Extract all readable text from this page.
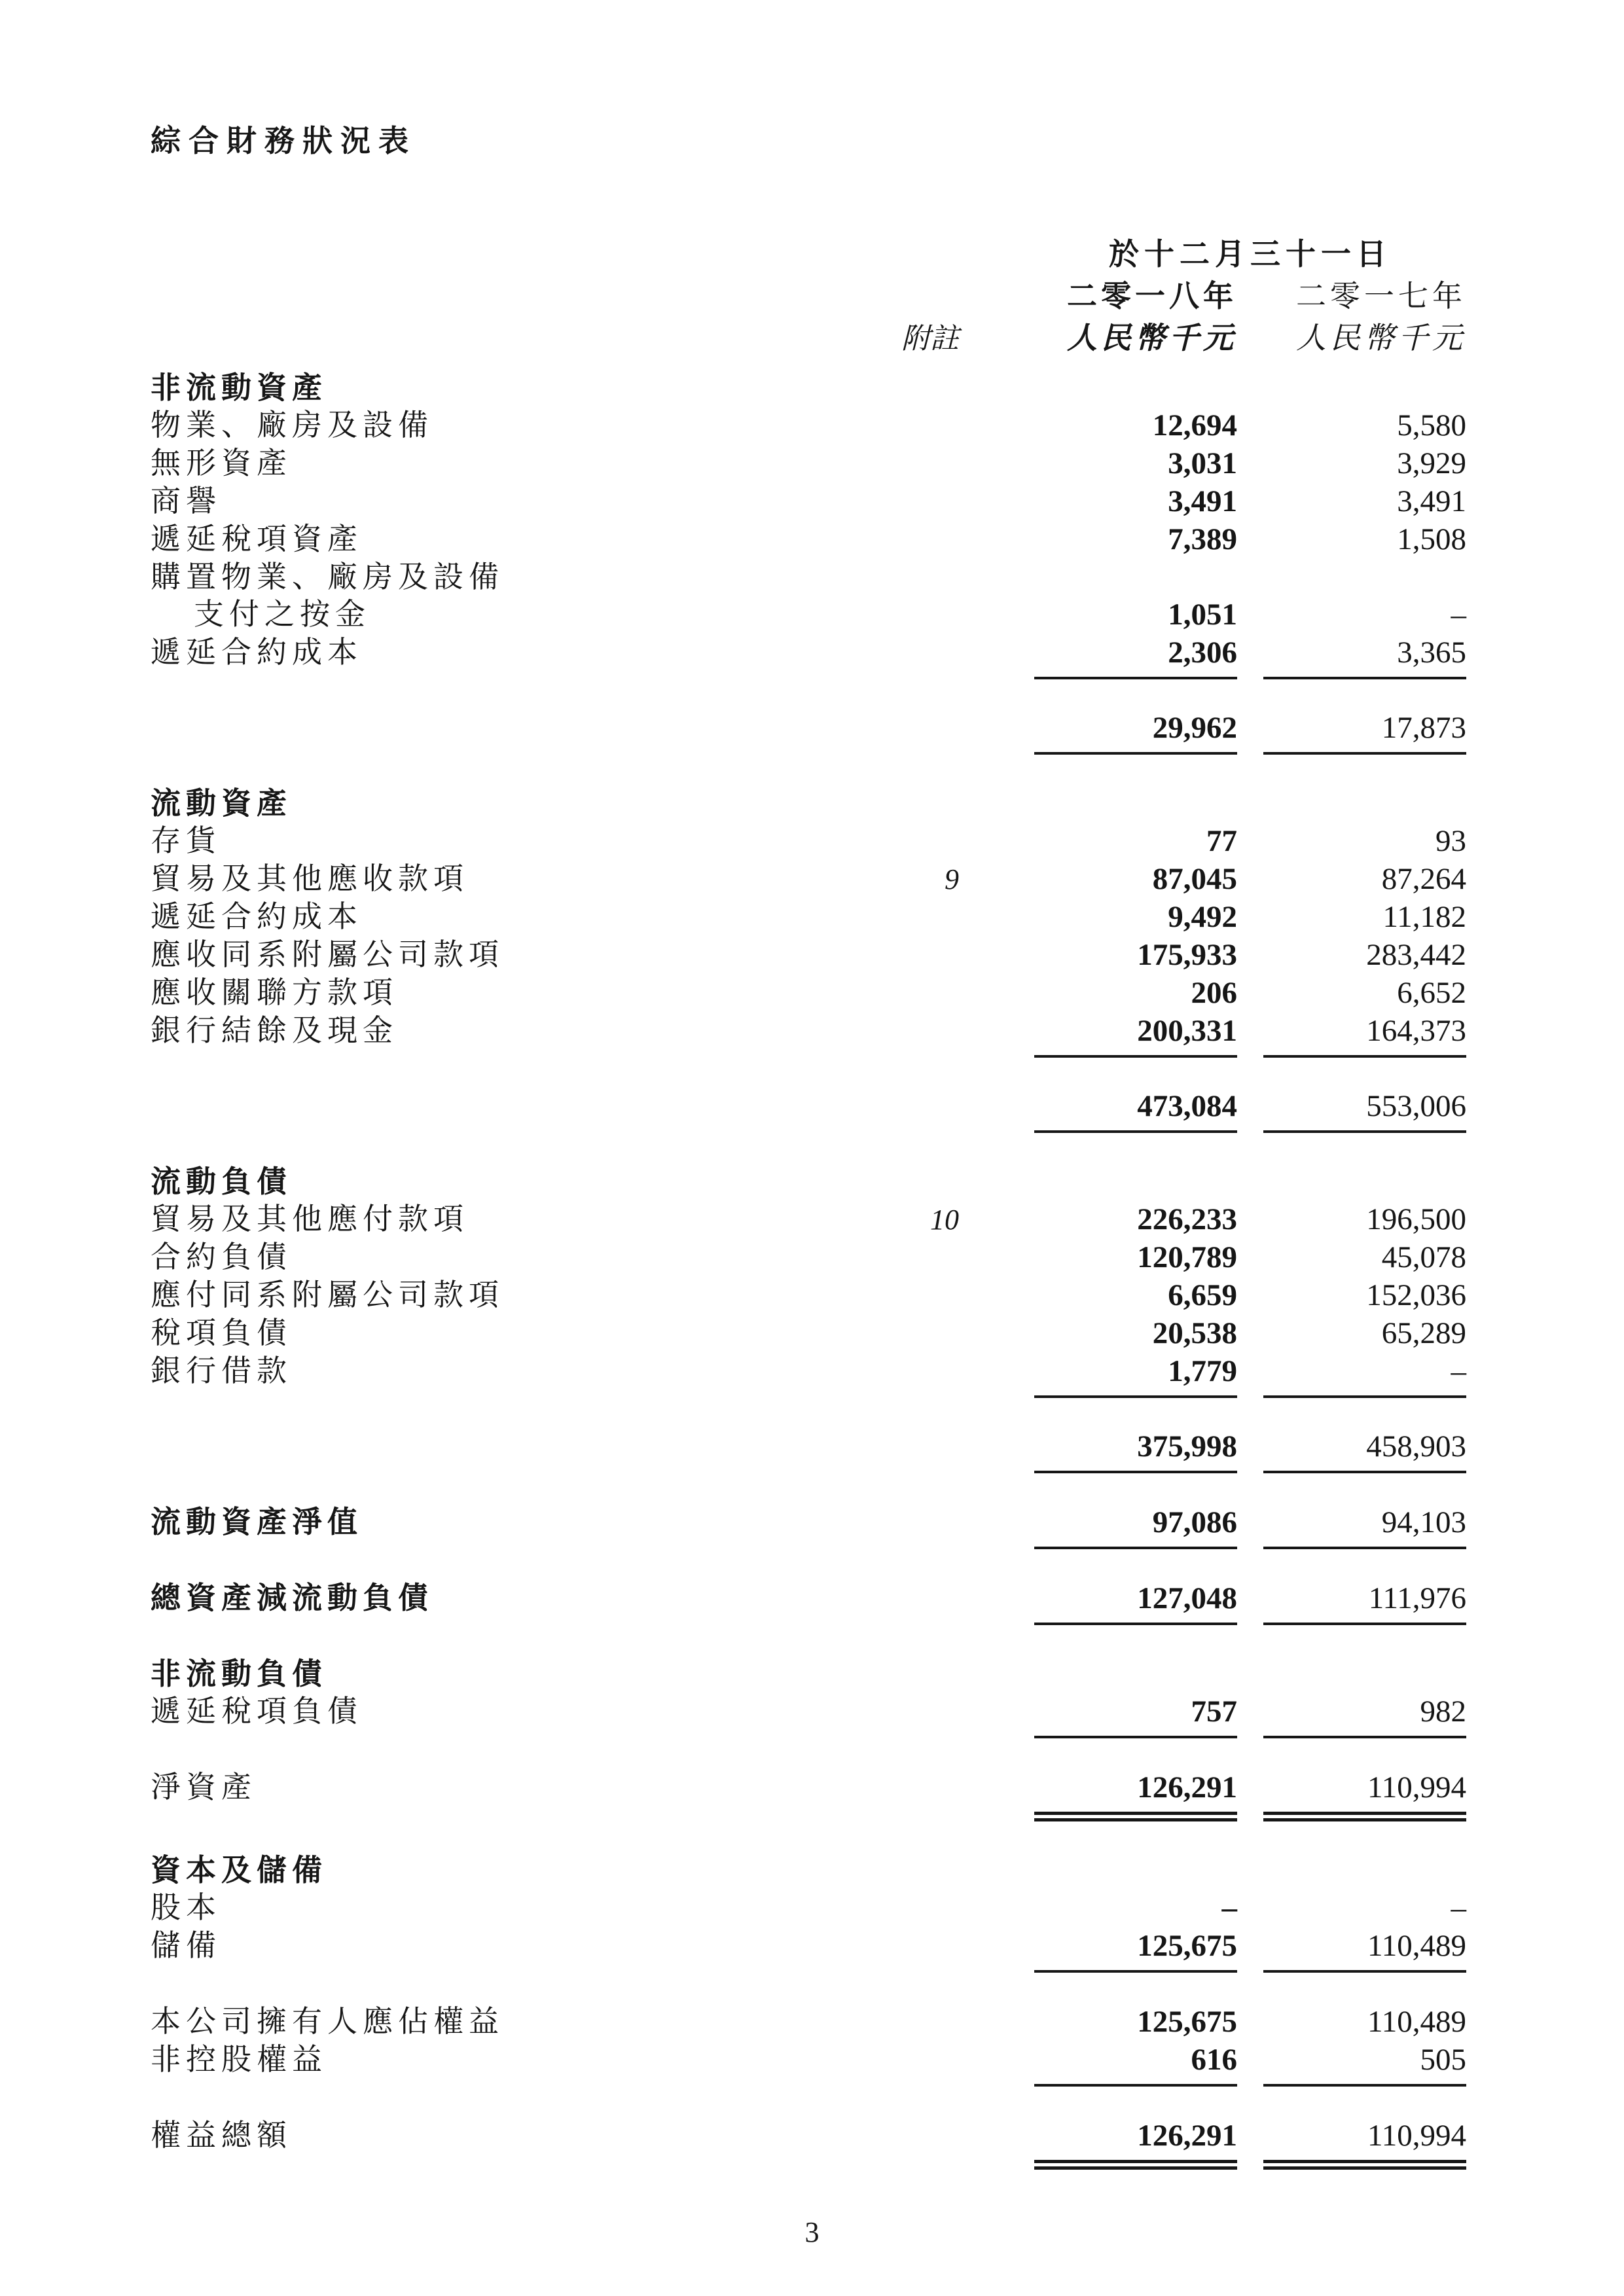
綜合財務狀況表
於十二月三十一日
二零一八年	二零一七年
附註	人民幣千元	人民幣千元
非流動資產
物業、廠房及設備	12,694	5,580
無形資產	3,031	3,929
商譽	3,491	3,491
遞延稅項資產	7,389	1,508
購置物業、廠房及設備
支付之按金	1,051	–
遞延合約成本	2,306	3,365
29,962	17,873
流動資產
存貨	77	93
貿易及其他應收款項	9	87,045	87,264
遞延合約成本	9,492	11,182
應收同系附屬公司款項	175,933	283,442
應收關聯方款項	206	6,652
銀行結餘及現金	200,331	164,373
473,084	553,006
流動負債
貿易及其他應付款項	10	226,233	196,500
合約負債	120,789	45,078
應付同系附屬公司款項	6,659	152,036
稅項負債	20,538	65,289
銀行借款	1,779	–
375,998	458,903
流動資產淨值	97,086	94,103
總資產減流動負債	127,048	111,976
非流動負債
遞延稅項負債	757	982
淨資產	126,291	110,994
資本及儲備
股本	–	–
儲備	125,675	110,489
本公司擁有人應佔權益	125,675	110,489
非控股權益	616	505
權益總額	126,291	110,994
3
